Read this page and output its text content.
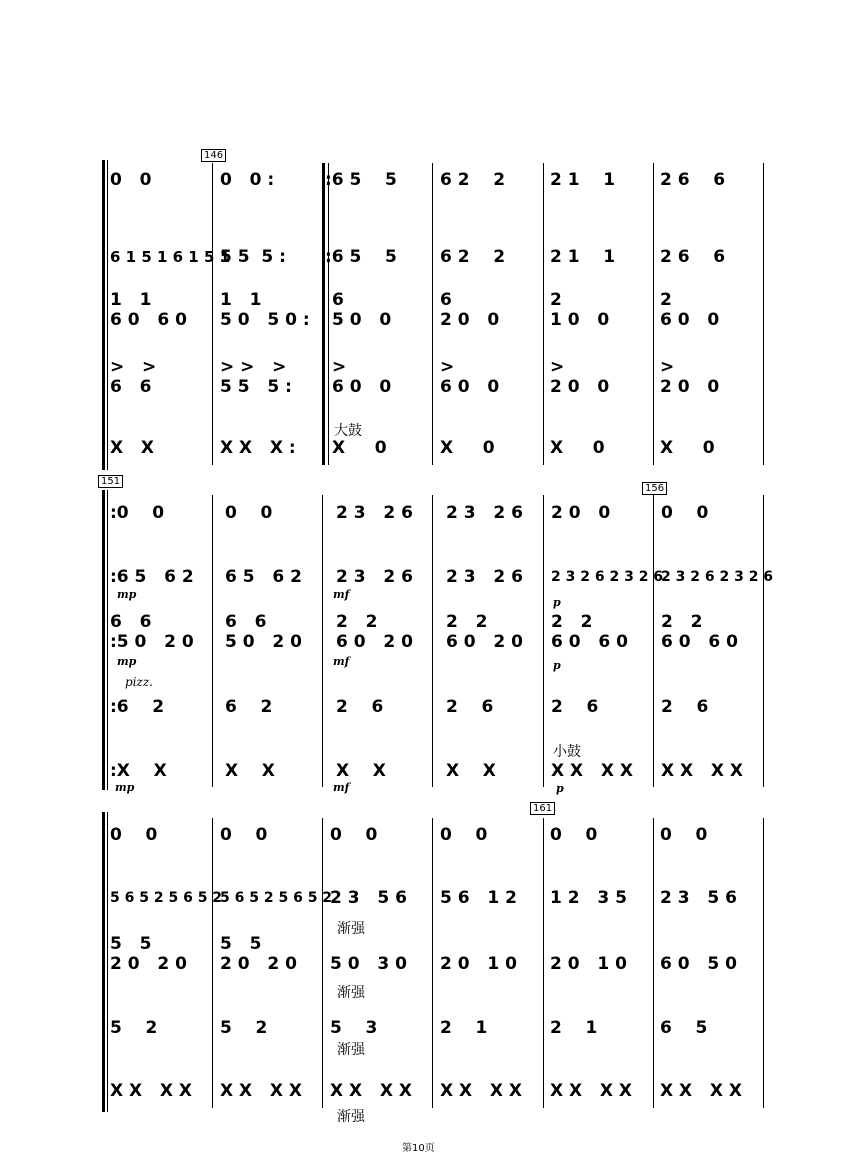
146
0   0
6 1 5 1 6 1 5 1
1   1
6 0   6 0
>   >
6   6
X   X
0   0 :
5 5  5 :
1   1
5 0   5 0 :
> >   >
5 5   5 :
X X   X :
:6 5    5
:6 5    5
6
5 0   0
>
6 0   0
大鼓
X     0
6 2    2
6 2    2
6
2 0   0
>
6 0   0
X     0
2 1    1
2 1    1
2
1 0   0
>
2 0   0
X     0
2 6    6
2 6    6
2
6 0   0
>
2 0   0
X     0
151
156
:0    0
:6 5   6 2
mp
6   6
:5 0   2 0
mp
pizz.
:6    2
:X    X
mp
0    0
6 5   6 2
6   6
5 0   2 0
6    2
X    X
2 3   2 6
2 3   2 6
mf
2   2
6 0   2 0
mf
2    6
X    X
mf
2 3   2 6
2 3   2 6
2   2
6 0   2 0
2    6
X    X
2 0   0
2 3 2 6 2 3 2 6
p
2   2
6 0   6 0
p
2    6
小鼓
X X   X X
p
0    0
2 3 2 6 2 3 2 6
2   2
6 0   6 0
2    6
X X   X X
161
0    0
5 6 5 2 5 6 5 2
5   5
2 0   2 0
5    2
X X   X X
0    0
5 6 5 2 5 6 5 2
5   5
2 0   2 0
5    2
X X   X X
0    0
2 3   5 6
渐强
5 0   3 0
渐强
5    3
渐强
X X   X X
渐强
0    0
5 6   1 2
2 0   1 0
2    1
X X   X X
0    0
1 2   3 5
2 0   1 0
2    1
X X   X X
0    0
2 3   5 6
6 0   5 0
6    5
X X   X X
第10页
